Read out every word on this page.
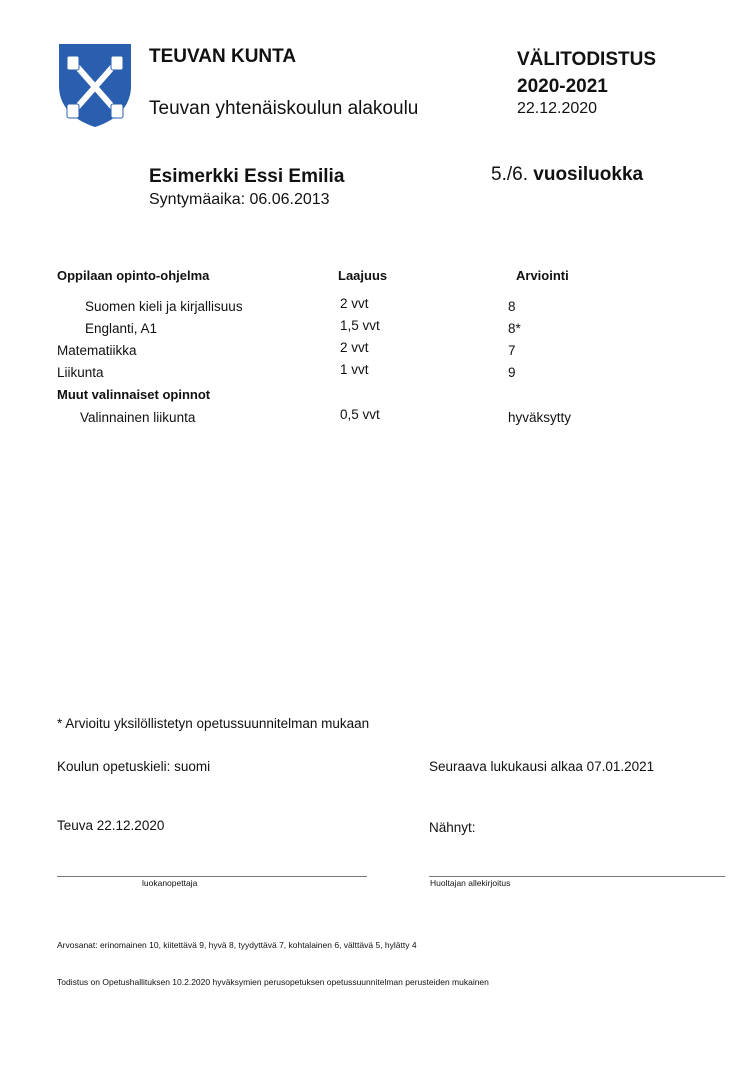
TEUVAN KUNTA
Teuvan yhtenäiskoulun alakoulu
VÄLITODISTUS
2020-2021
22.12.2020
Esimerkki Essi Emilia	5./6. vuosiluokka
Syntymäaika: 06.06.2013
Oppilaan opinto-ohjelma	Laajuus	Arviointi
Suomen kieli ja kirjallisuus	2 vvt	8
Englanti, A1	1,5 vvt	8*
Matematiikka	2 vvt	7
Liikunta	1 vvt	9
Muut valinnaiset opinnot
Valinnainen liikunta	0,5 vvt	hyväksytty
* Arvioitu yksilöllistetyn opetussuunnitelman mukaan
Koulun opetuskieli: suomi	Seuraava lukukausi alkaa 07.01.2021
Teuva 22.12.2020	Nähnyt:
luokanopettaja	Huoltajan allekirjoitus
Arvosanat: erinomainen 10, kiitettävä 9, hyvä 8, tyydyttävä 7, kohtalainen 6, välttävä 5, hylätty 4
Todistus on Opetushallituksen 10.2.2020 hyväksymien perusopetuksen opetussuunnitelman perusteiden mukainen
